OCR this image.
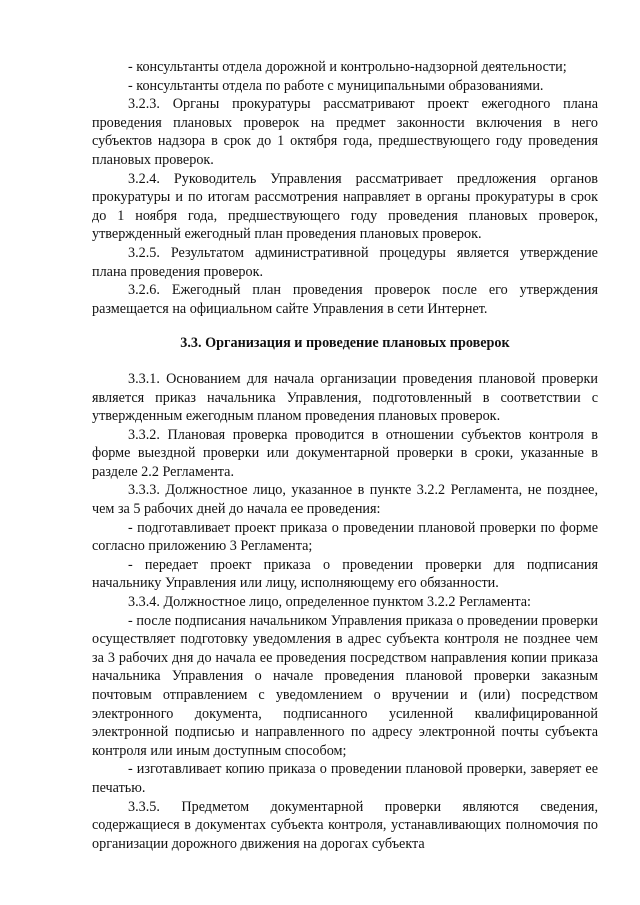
- консультанты отдела дорожной и контрольно-надзорной деятельности;

- консультанты отдела по работе с муниципальными образованиями.

3.2.3. Органы прокуратуры рассматривают проект ежегодного плана проведения плановых проверок на предмет законности включения в него субъектов надзора в срок до 1 октября года, предшествующего году проведения плановых проверок.

3.2.4. Руководитель Управления рассматривает предложения органов прокуратуры и по итогам рассмотрения направляет в органы прокуратуры в срок до 1 ноября года, предшествующего году проведения плановых проверок, утвержденный ежегодный план проведения плановых проверок.

3.2.5. Результатом административной процедуры является утверждение плана проведения проверок.

3.2.6. Ежегодный план проведения проверок после его утверждения размещается на официальном сайте Управления в сети Интернет.

3.3. Организация и проведение плановых проверок

3.3.1. Основанием для начала организации проведения плановой проверки является приказ начальника Управления, подготовленный в соответствии с утвержденным ежегодным планом проведения плановых проверок.

3.3.2. Плановая проверка проводится в отношении субъектов контроля в форме выездной проверки или документарной проверки в сроки, указанные в разделе 2.2 Регламента.

3.3.3. Должностное лицо, указанное в пункте 3.2.2 Регламента, не позднее, чем за 5 рабочих дней до начала ее проведения:

- подготавливает проект приказа о проведении плановой проверки по форме согласно приложению 3 Регламента;

- передает проект приказа о проведении проверки для подписания начальнику Управления или лицу, исполняющему его обязанности.

3.3.4. Должностное лицо, определенное пунктом 3.2.2 Регламента:

- после подписания начальником Управления приказа о проведении проверки осуществляет подготовку уведомления в адрес субъекта контроля не позднее чем за 3 рабочих дня до начала ее проведения посредством направления копии приказа начальника Управления о начале проведения плановой проверки заказным почтовым отправлением с уведомлением о вручении и (или) посредством электронного документа, подписанного усиленной квалифицированной электронной подписью и направленного по адресу электронной почты субъекта контроля или иным доступным способом;

- изготавливает копию приказа о проведении плановой проверки, заверяет ее печатью.

3.3.5. Предметом документарной проверки являются сведения, содержащиеся в документах субъекта контроля, устанавливающих полномочия по организации дорожного движения на дорогах субъекта
